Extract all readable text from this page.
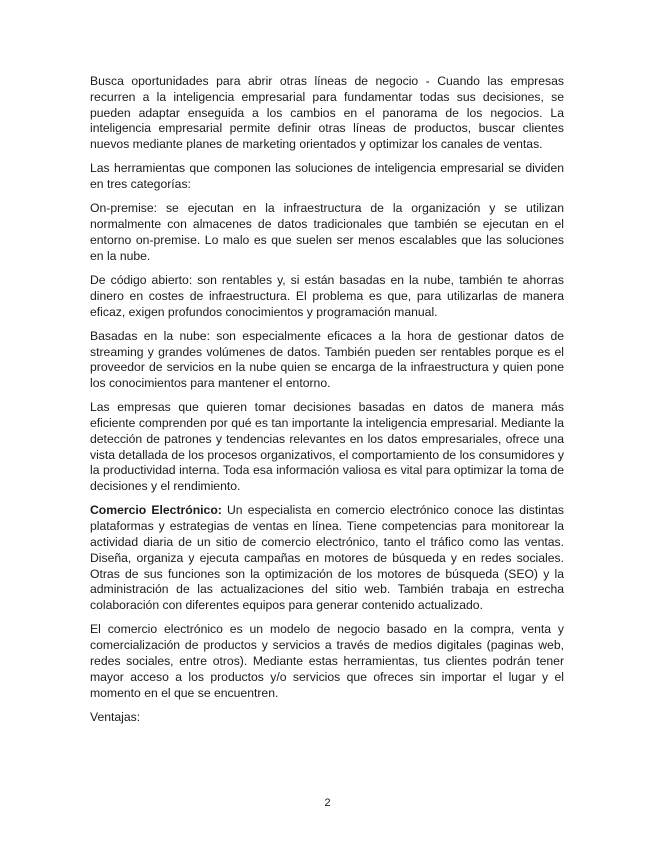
Busca oportunidades para abrir otras líneas de negocio - Cuando las empresas recurren a la inteligencia empresarial para fundamentar todas sus decisiones, se pueden adaptar enseguida a los cambios en el panorama de los negocios. La inteligencia empresarial permite definir otras líneas de productos, buscar clientes nuevos mediante planes de marketing orientados y optimizar los canales de ventas.

Las herramientas que componen las soluciones de inteligencia empresarial se dividen en tres categorías:

On-premise: se ejecutan en la infraestructura de la organización y se utilizan normalmente con almacenes de datos tradicionales que también se ejecutan en el entorno on-premise. Lo malo es que suelen ser menos escalables que las soluciones en la nube.

De código abierto: son rentables y, si están basadas en la nube, también te ahorras dinero en costes de infraestructura. El problema es que, para utilizarlas de manera eficaz, exigen profundos conocimientos y programación manual.

Basadas en la nube: son especialmente eficaces a la hora de gestionar datos de streaming y grandes volúmenes de datos. También pueden ser rentables porque es el proveedor de servicios en la nube quien se encarga de la infraestructura y quien pone los conocimientos para mantener el entorno.

Las empresas que quieren tomar decisiones basadas en datos de manera más eficiente comprenden por qué es tan importante la inteligencia empresarial. Mediante la detección de patrones y tendencias relevantes en los datos empresariales, ofrece una vista detallada de los procesos organizativos, el comportamiento de los consumidores y la productividad interna. Toda esa información valiosa es vital para optimizar la toma de decisiones y el rendimiento.

Comercio Electrónico: Un especialista en comercio electrónico conoce las distintas plataformas y estrategias de ventas en línea. Tiene competencias para monitorear la actividad diaria de un sitio de comercio electrónico, tanto el tráfico como las ventas. Diseña, organiza y ejecuta campañas en motores de búsqueda y en redes sociales. Otras de sus funciones son la optimización de los motores de búsqueda (SEO) y la administración de las actualizaciones del sitio web. También trabaja en estrecha colaboración con diferentes equipos para generar contenido actualizado.

El comercio electrónico es un modelo de negocio basado en la compra, venta y comercialización de productos y servicios a través de medios digitales (paginas web, redes sociales, entre otros). Mediante estas herramientas, tus clientes podrán tener mayor acceso a los productos y/o servicios que ofreces sin importar el lugar y el momento en el que se encuentren.

Ventajas:

2
